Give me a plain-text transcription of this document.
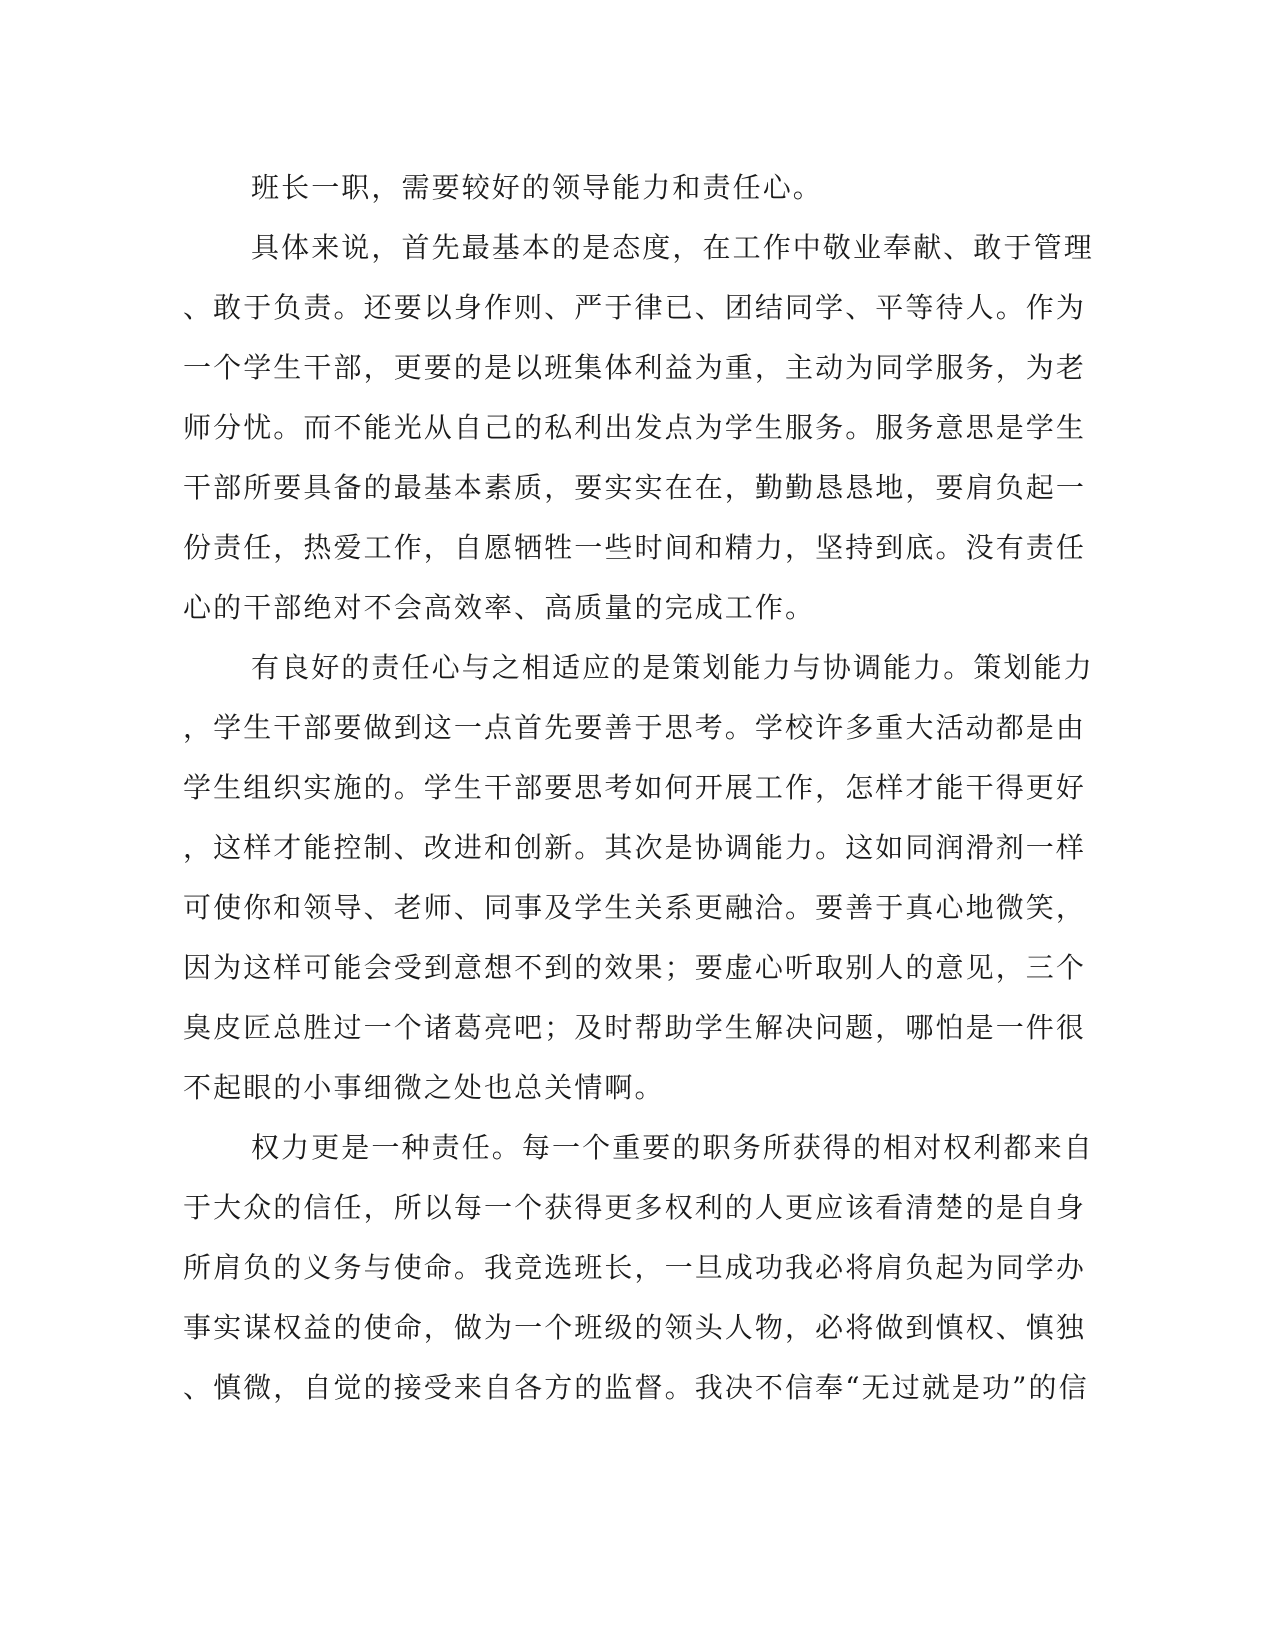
班长一职，需要较好的领导能力和责任心。
具体来说，首先最基本的是态度，在工作中敬业奉献、敢于管理
、敢于负责。还要以身作则、严于律已、团结同学、平等待人。作为
一个学生干部，更要的是以班集体利益为重，主动为同学服务，为老
师分忧。而不能光从自己的私利出发点为学生服务。服务意思是学生
干部所要具备的最基本素质，要实实在在，勤勤恳恳地，要肩负起一
份责任，热爱工作，自愿牺牲一些时间和精力，坚持到底。没有责任
心的干部绝对不会高效率、高质量的完成工作。
有良好的责任心与之相适应的是策划能力与协调能力。策划能力
，学生干部要做到这一点首先要善于思考。学校许多重大活动都是由
学生组织实施的。学生干部要思考如何开展工作，怎样才能干得更好
，这样才能控制、改进和创新。其次是协调能力。这如同润滑剂一样
可使你和领导、老师、同事及学生关系更融洽。要善于真心地微笑，
因为这样可能会受到意想不到的效果；要虚心听取别人的意见，三个
臭皮匠总胜过一个诸葛亮吧；及时帮助学生解决问题，哪怕是一件很
不起眼的小事细微之处也总关情啊。
权力更是一种责任。每一个重要的职务所获得的相对权利都来自
于大众的信任，所以每一个获得更多权利的人更应该看清楚的是自身
所肩负的义务与使命。我竞选班长，一旦成功我必将肩负起为同学办
事实谋权益的使命，做为一个班级的领头人物，必将做到慎权、慎独
、慎微，自觉的接受来自各方的监督。我决不信奉“无过就是功”的信
